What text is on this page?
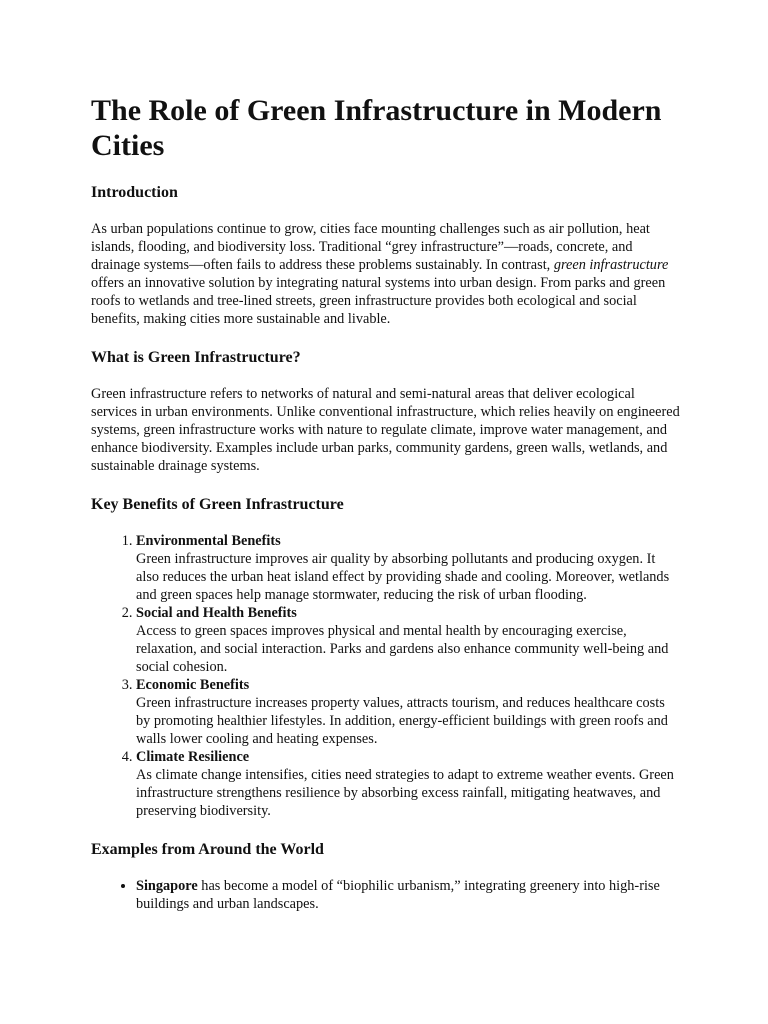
The Role of Green Infrastructure in Modern Cities
Introduction

As urban populations continue to grow, cities face mounting challenges such as air pollution, heat islands, flooding, and biodiversity loss. Traditional “grey infrastructure”—roads, concrete, and drainage systems—often fails to address these problems sustainably. In contrast, green infrastructure offers an innovative solution by integrating natural systems into urban design. From parks and green roofs to wetlands and tree-lined streets, green infrastructure provides both ecological and social benefits, making cities more sustainable and livable.

What is Green Infrastructure?

Green infrastructure refers to networks of natural and semi-natural areas that deliver ecological services in urban environments. Unlike conventional infrastructure, which relies heavily on engineered systems, green infrastructure works with nature to regulate climate, improve water management, and enhance biodiversity. Examples include urban parks, community gardens, green walls, wetlands, and sustainable drainage systems.

Key Benefits of Green Infrastructure
1. Environmental Benefits
Green infrastructure improves air quality by absorbing pollutants and producing oxygen. It also reduces the urban heat island effect by providing shade and cooling. Moreover, wetlands and green spaces help manage stormwater, reducing the risk of urban flooding.
2. Social and Health Benefits
Access to green spaces improves physical and mental health by encouraging exercise, relaxation, and social interaction. Parks and gardens also enhance community well-being and social cohesion.
3. Economic Benefits
Green infrastructure increases property values, attracts tourism, and reduces healthcare costs by promoting healthier lifestyles. In addition, energy-efficient buildings with green roofs and walls lower cooling and heating expenses.
4. Climate Resilience
As climate change intensifies, cities need strategies to adapt to extreme weather events. Green infrastructure strengthens resilience by absorbing excess rainfall, mitigating heatwaves, and preserving biodiversity.
Examples from Around the World
• Singapore has become a model of “biophilic urbanism,” integrating greenery into high-rise buildings and urban landscapes.
